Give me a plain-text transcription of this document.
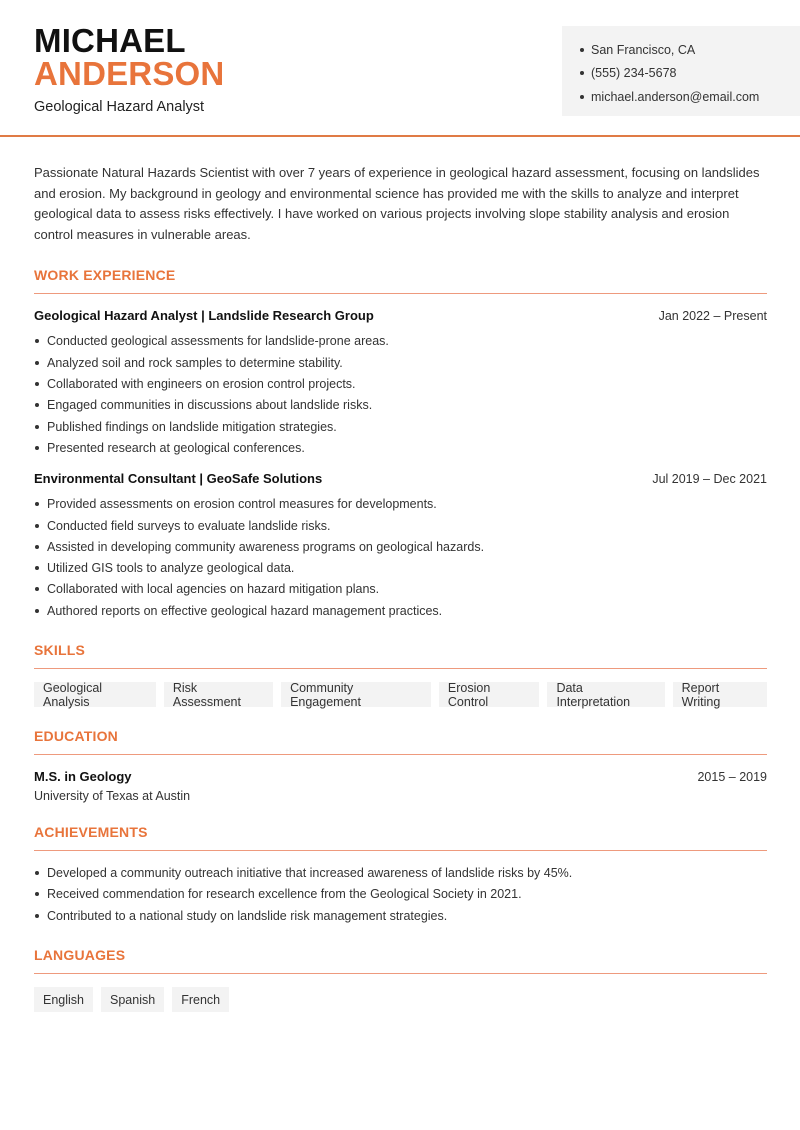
MICHAEL
ANDERSON
Geological Hazard Analyst
San Francisco, CA
(555) 234-5678
michael.anderson@email.com

Passionate Natural Hazards Scientist with over 7 years of experience in geological hazard assessment, focusing on landslides and erosion. My background in geology and environmental science has provided me with the skills to analyze and interpret geological data to assess risks effectively. I have worked on various projects involving slope stability analysis and erosion control measures in vulnerable areas.

WORK EXPERIENCE
Geological Hazard Analyst | Landslide Research Group	Jan 2022 – Present
Conducted geological assessments for landslide-prone areas.
Analyzed soil and rock samples to determine stability.
Collaborated with engineers on erosion control projects.
Engaged communities in discussions about landslide risks.
Published findings on landslide mitigation strategies.
Presented research at geological conferences.
Environmental Consultant | GeoSafe Solutions	Jul 2019 – Dec 2021
Provided assessments on erosion control measures for developments.
Conducted field surveys to evaluate landslide risks.
Assisted in developing community awareness programs on geological hazards.
Utilized GIS tools to analyze geological data.
Collaborated with local agencies on hazard mitigation plans.
Authored reports on effective geological hazard management practices.
SKILLS
Geological Analysis
Risk Assessment
Community Engagement
Erosion Control
Data Interpretation
Report Writing
EDUCATION
M.S. in Geology	2015 – 2019
University of Texas at Austin
ACHIEVEMENTS
Developed a community outreach initiative that increased awareness of landslide risks by 45%.
Received commendation for research excellence from the Geological Society in 2021.
Contributed to a national study on landslide risk management strategies.
LANGUAGES
English	Spanish	French
